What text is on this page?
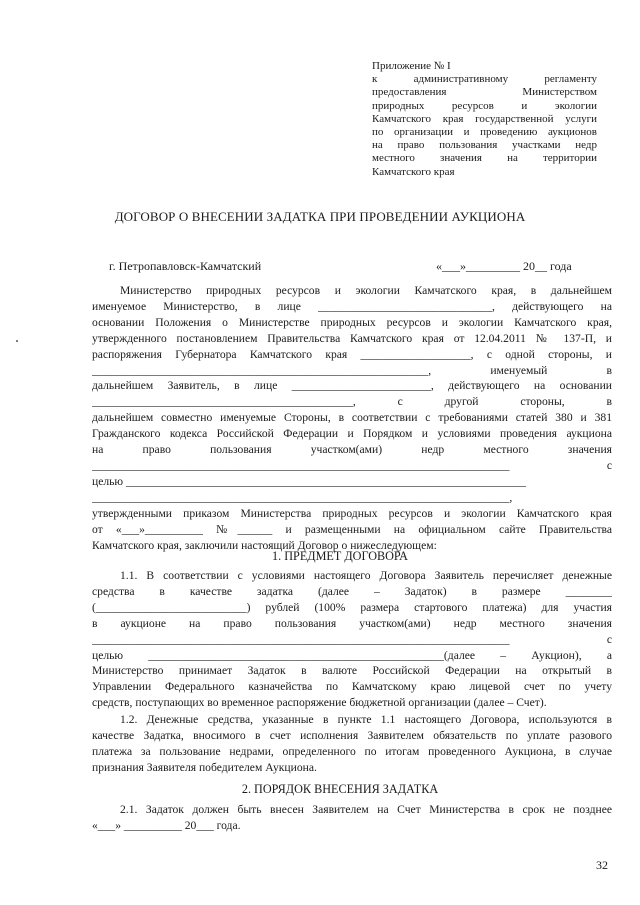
Приложение № I
к административному регламенту
предоставления Министерством
природных ресурсов и экологии
Камчатского края государственной услуги
по организации и проведению аукционов
на право пользования участками недр
местного значения на территории
Камчатского края
ДОГОВОР О ВНЕСЕНИИ ЗАДАТКА ПРИ ПРОВЕДЕНИИ АУКЦИОНА
г. Петропавловск-Камчатский	«___»_________ 20__ года
Министерство природных ресурсов и экологии Камчатского края, в дальнейшем
именуемое Министерство, в лице ______________________________, действующего на
основании Положения о Министерстве природных ресурсов и экологии Камчатского края,
утвержденного постановлением Правительства Камчатского края от 12.04.2011 № 137-П, и
распоряжения Губернатора Камчатского края ___________________, с одной стороны, и
__________________________________________________________, именуемый в
дальнейшем Заявитель, в лице ________________________, действующего на основании
_____________________________________________, с другой стороны, в
дальнейшем совместно именуемые Стороны, в соответствии с требованиями статей 380 и 381
Гражданского кодекса Российской Федерации и Порядком и условиями проведения аукциона
на право пользования участком(ами) недр местного значения
________________________________________________________________________ с
целью _____________________________________________________________________
________________________________________________________________________,
утвержденными приказом Министерства природных ресурсов и экологии Камчатского края
от «___»__________ №______ и размещенными на официальном сайте Правительства
Камчатского края, заключили настоящий Договор о нижеследующем:
1. ПРЕДМЕТ ДОГОВОРА
1.1. В соответствии с условиями настоящего Договора Заявитель перечисляет денежные
средства в качестве задатка (далее – Задаток) в размере ________
(__________________________) рублей (100% размера стартового платежа) для участия
в аукционе на право пользования участком(ами) недр местного значения
________________________________________________________________________ с
целью ___________________________________________________(далее – Аукцион), а
Министерство принимает Задаток в валюте Российской Федерации на открытый в
Управлении Федерального казначейства по Камчатскому краю лицевой счет по учету
средств, поступающих во временное распоряжение бюджетной организации (далее – Счет).
1.2. Денежные средства, указанные в пункте 1.1 настоящего Договора, используются в
качестве Задатка, вносимого в счет исполнения Заявителем обязательств по уплате разового
платежа за пользование недрами, определенного по итогам проведенного Аукциона, в случае
признания Заявителя победителем Аукциона.
2. ПОРЯДОК ВНЕСЕНИЯ ЗАДАТКА
2.1. Задаток должен быть внесен Заявителем на Счет Министерства в срок не позднее
«___» __________ 20___ года.
32
